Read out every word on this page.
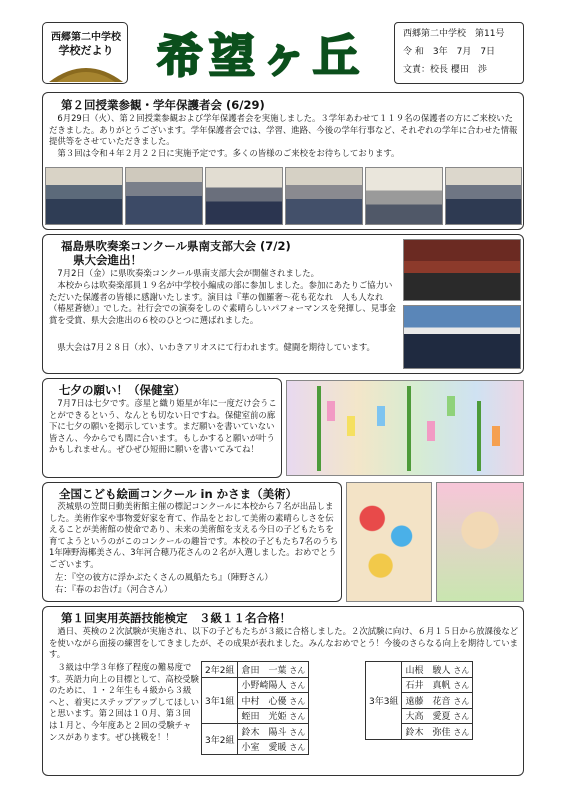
西郷第二中学校
学校だより 希望ヶ丘	西郷第二中学校　第11号
令 和　3年　7月　7日
文責：校長 櫻田　渉
第２回授業参観・学年保護者会 (6/29)
　6月29日（火）、第２回授業参観および学年保護者会を実施しました。３学年あわせて１１９名の保護者の方にご来校いただきました。ありがとうございます。学年保護者会では、学習、進路、今後の学年行事など、それぞれの学年に合わせた情報提供等をさせていただきました。
　第３回は令和４年２月２２日に実施予定です。多くの皆様のご来校をお待ちしております。
福島県吹奏楽コンクール県南支部大会 (7/2)
県大会進出！
　7月2日（金）に県吹奏楽コンクール県南支部大会が開催されました。
　本校からは吹奏楽部員１９名が中学校小編成の部に参加しました。参加にあたりご協力いただいた保護者の皆様に感謝いたします。演目は『華の伽羅奢～花も花なれ　人も人なれ（椿屋蒼徳）』でした。社行会での演奏をしのぐ素晴らしいパフォーマンスを発揮し、見事金賞を受賞、県大会進出の６校のひとつに選ばれました。
　県大会は7月２８日（水）、いわきアリオスにて行われます。健闘を期待しています。
七夕の願い！（保健室）
　7月7日は七夕です。彦星と織り姫星が年に一度だけ会うことができるという、なんとも切ない日ですね。保健室前の廊下に七夕の願いを掲示しています。まだ願いを書いていない皆さん、今からでも間に合います。もしかすると願いが叶うかもしれません。ぜひぜひ短冊に願いを書いてみてね！
全国こども絵画コンクール in かさま（美術）
　茨城県の笠間日動美術館主催の標記コンクールに本校から７名が出品しました。美術作家や事物愛好家を育て、作品をとおして美術の素晴らしさを伝えることが美術館の使命であり、未来の美術館を支える今日の子どもたちを育てようというのがこのコンクールの趣旨です。本校の子どもたち7名のうち1年陣野海椰美さん、3年河合穂乃花さんの２名が入選しました。おめでとうございます。
左：『空の彼方に浮かぶたくさんの風船たち』（陣野さん）
右：『春のお告げ』（河合さん）
第１回実用英語技能検定　３級１１名合格！
　過日、英検の２次試験が実施され、以下の子どもたちが３級に合格しました。２次試験に向け、６月１５日から放課後などを使いながら面接の練習をしてきましたが、その成果が表れました。みんなおめでとう！今後のさらなる向上を期待しています。
　３級は中学３年修了程度の難易度です。英語力向上の目標として、高校受験のために、１・２年生も４級から３級へと、着実にステップアップしてほしいと思います。第２回は１０月、第３回は１月と、今年度あと２回の受験チャンスがあります。ぜひ挑戦を！！
2年2組	倉田　一葉 さん
3年1組	小野崎陽人 さん
	中村　心優 さん
	蛭田　光姫 さん
3年2組	鈴木　陽斗 さん
	小室　愛暖 さん
3年3組	山根　駿人 さん
石井　真帆 さん
遠藤　花音 さん
大高　愛夏 さん
鈴木　弥佳 さん
